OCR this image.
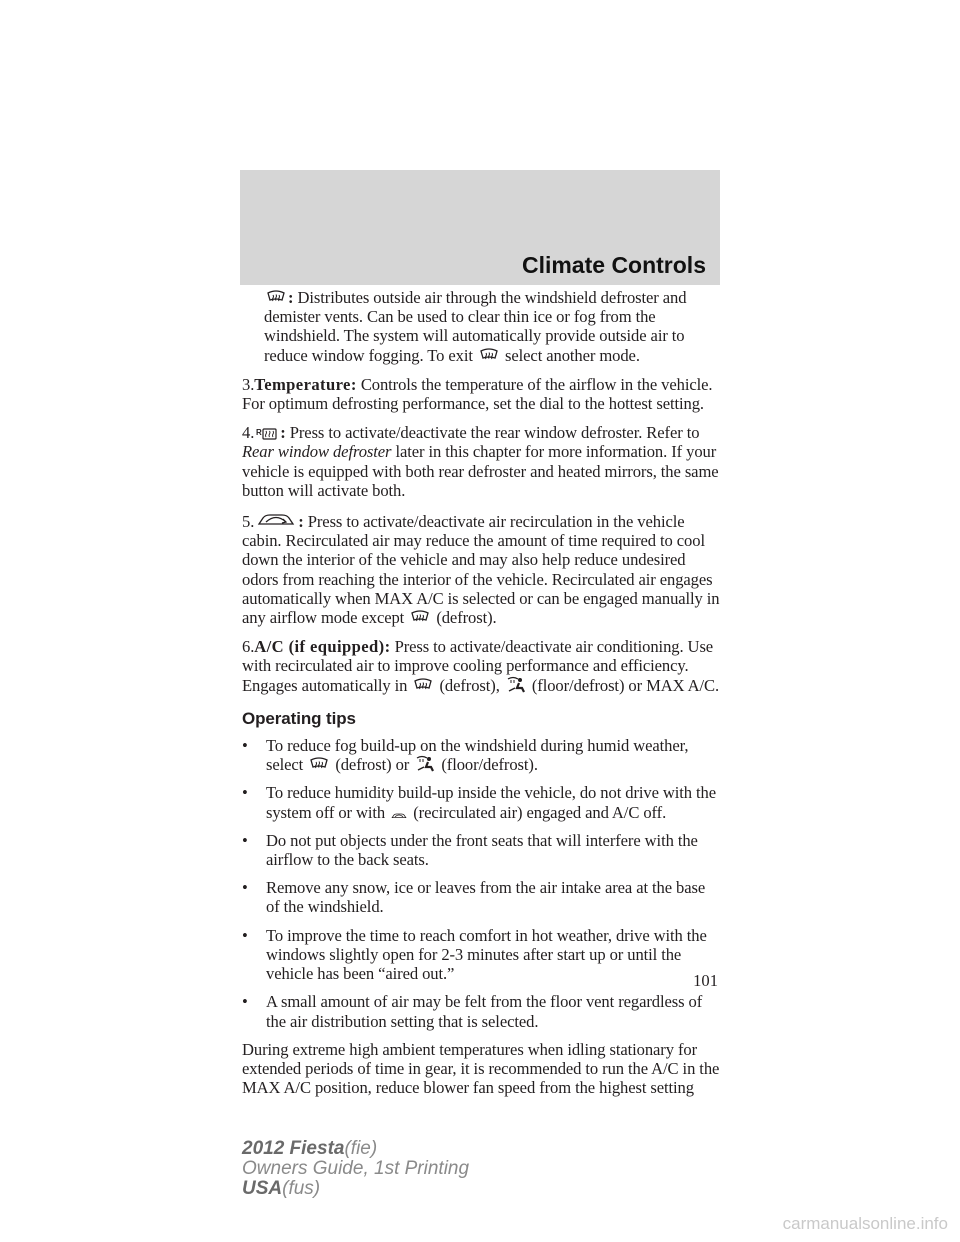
Climate Controls

: Distributes outside air through the windshield defroster and demister vents. Can be used to clear thin ice or fog from the windshield. The system will automatically provide outside air to reduce window fogging. To exit select another mode.

3.Temperature: Controls the temperature of the airflow in the vehicle. For optimum defrosting performance, set the dial to the hottest setting.

4. R : Press to activate/deactivate the rear window defroster. Refer to Rear window defroster later in this chapter for more information. If your vehicle is equipped with both rear defroster and heated mirrors, the same button will activate both.

5.	: Press to activate/deactivate air recirculation in the vehicle cabin. Recirculated air may reduce the amount of time required to cool down the interior of the vehicle and may also help reduce undesired odors from reaching the interior of the vehicle. Recirculated air engages automatically when MAX A/C is selected or can be engaged manually in any airflow mode except (defrost).

6.A/C (if equipped): Press to activate/deactivate air conditioning. Use with recirculated air to improve cooling performance and efficiency. Engages automatically in (defrost), (floor/defrost) or MAX A/C.

Operating tips
• To reduce fog build-up on the windshield during humid weather, select (defrost) or (floor/defrost).
• To reduce humidity build-up inside the vehicle, do not drive with the system off or with (recirculated air) engaged and A/C off.
• Do not put objects under the front seats that will interfere with the airflow to the back seats.
• Remove any snow, ice or leaves from the air intake area at the base of the windshield.
• To improve the time to reach comfort in hot weather, drive with the windows slightly open for 2-3 minutes after start up or until the vehicle has been “aired out.”
• A small amount of air may be felt from the floor vent regardless of the air distribution setting that is selected.

During extreme high ambient temperatures when idling stationary for extended periods of time in gear, it is recommended to run the A/C in the MAX A/C position, reduce blower fan speed from the highest setting

101
2012 Fiesta(fie)
Owners Guide, 1st Printing
USA(fus)
carmanualsonline.info
